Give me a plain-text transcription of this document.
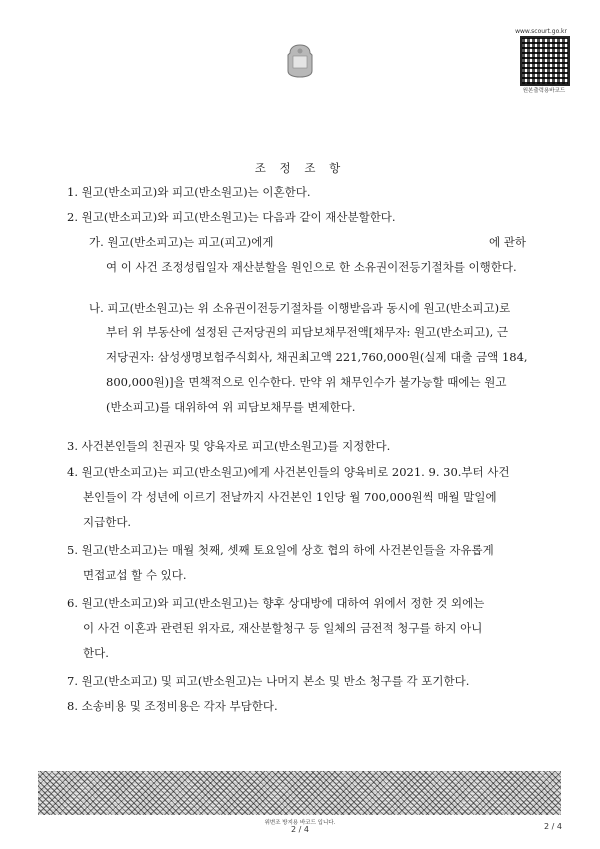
www.scourt.go.kr
원본출력용바코드
조 정 조 항
1. 원고(반소피고)와 피고(반소원고)는 이혼한다.
2. 원고(반소피고)와 피고(반소원고)는 다음과 같이 재산분할한다.
가. 원고(반소피고)는 피고(피고)에게	에 관하
여 이 사건 조정성립일자 재산분할을 원인으로 한 소유권이전등기절차를 이행한다.
나. 피고(반소원고)는 위 소유권이전등기절차를 이행받음과 동시에 원고(반소피고)로
부터 위 부동산에 설정된 근저당권의 피담보채무전액[채무자: 원고(반소피고), 근
저당권자: 삼성생명보험주식회사, 채권최고액 221,760,000원(실제 대출 금액 184,
800,000원)]을 면책적으로 인수한다. 만약 위 채무인수가 불가능할 때에는 원고
(반소피고)를 대위하여 위 피담보채무를 변제한다.
3. 사건본인들의 친권자 및 양육자로 피고(반소원고)를 지정한다.
4. 원고(반소피고)는 피고(반소원고)에게 사건본인들의 양육비로 2021. 9. 30.부터 사건
본인들이 각 성년에 이르기 전날까지 사건본인 1인당 월 700,000원씩 매월 말일에
지급한다.
5. 원고(반소피고)는 매월 첫째, 셋째 토요일에 상호 협의 하에 사건본인들을 자유롭게
면접교섭 할 수 있다.
6. 원고(반소피고)와 피고(반소원고)는 향후 상대방에 대하여 위에서 정한 것 외에는
이 사건 이혼과 관련된 위자료, 재산분할청구 등 일체의 금전적 청구를 하지 아니
한다.
7. 원고(반소피고) 및 피고(반소원고)는 나머지 본소 및 반소 청구를 각 포기한다.
8. 소송비용 및 조정비용은 각자 부담한다.
위변조 방지용 바코드 입니다.
2 / 4	2 / 4
